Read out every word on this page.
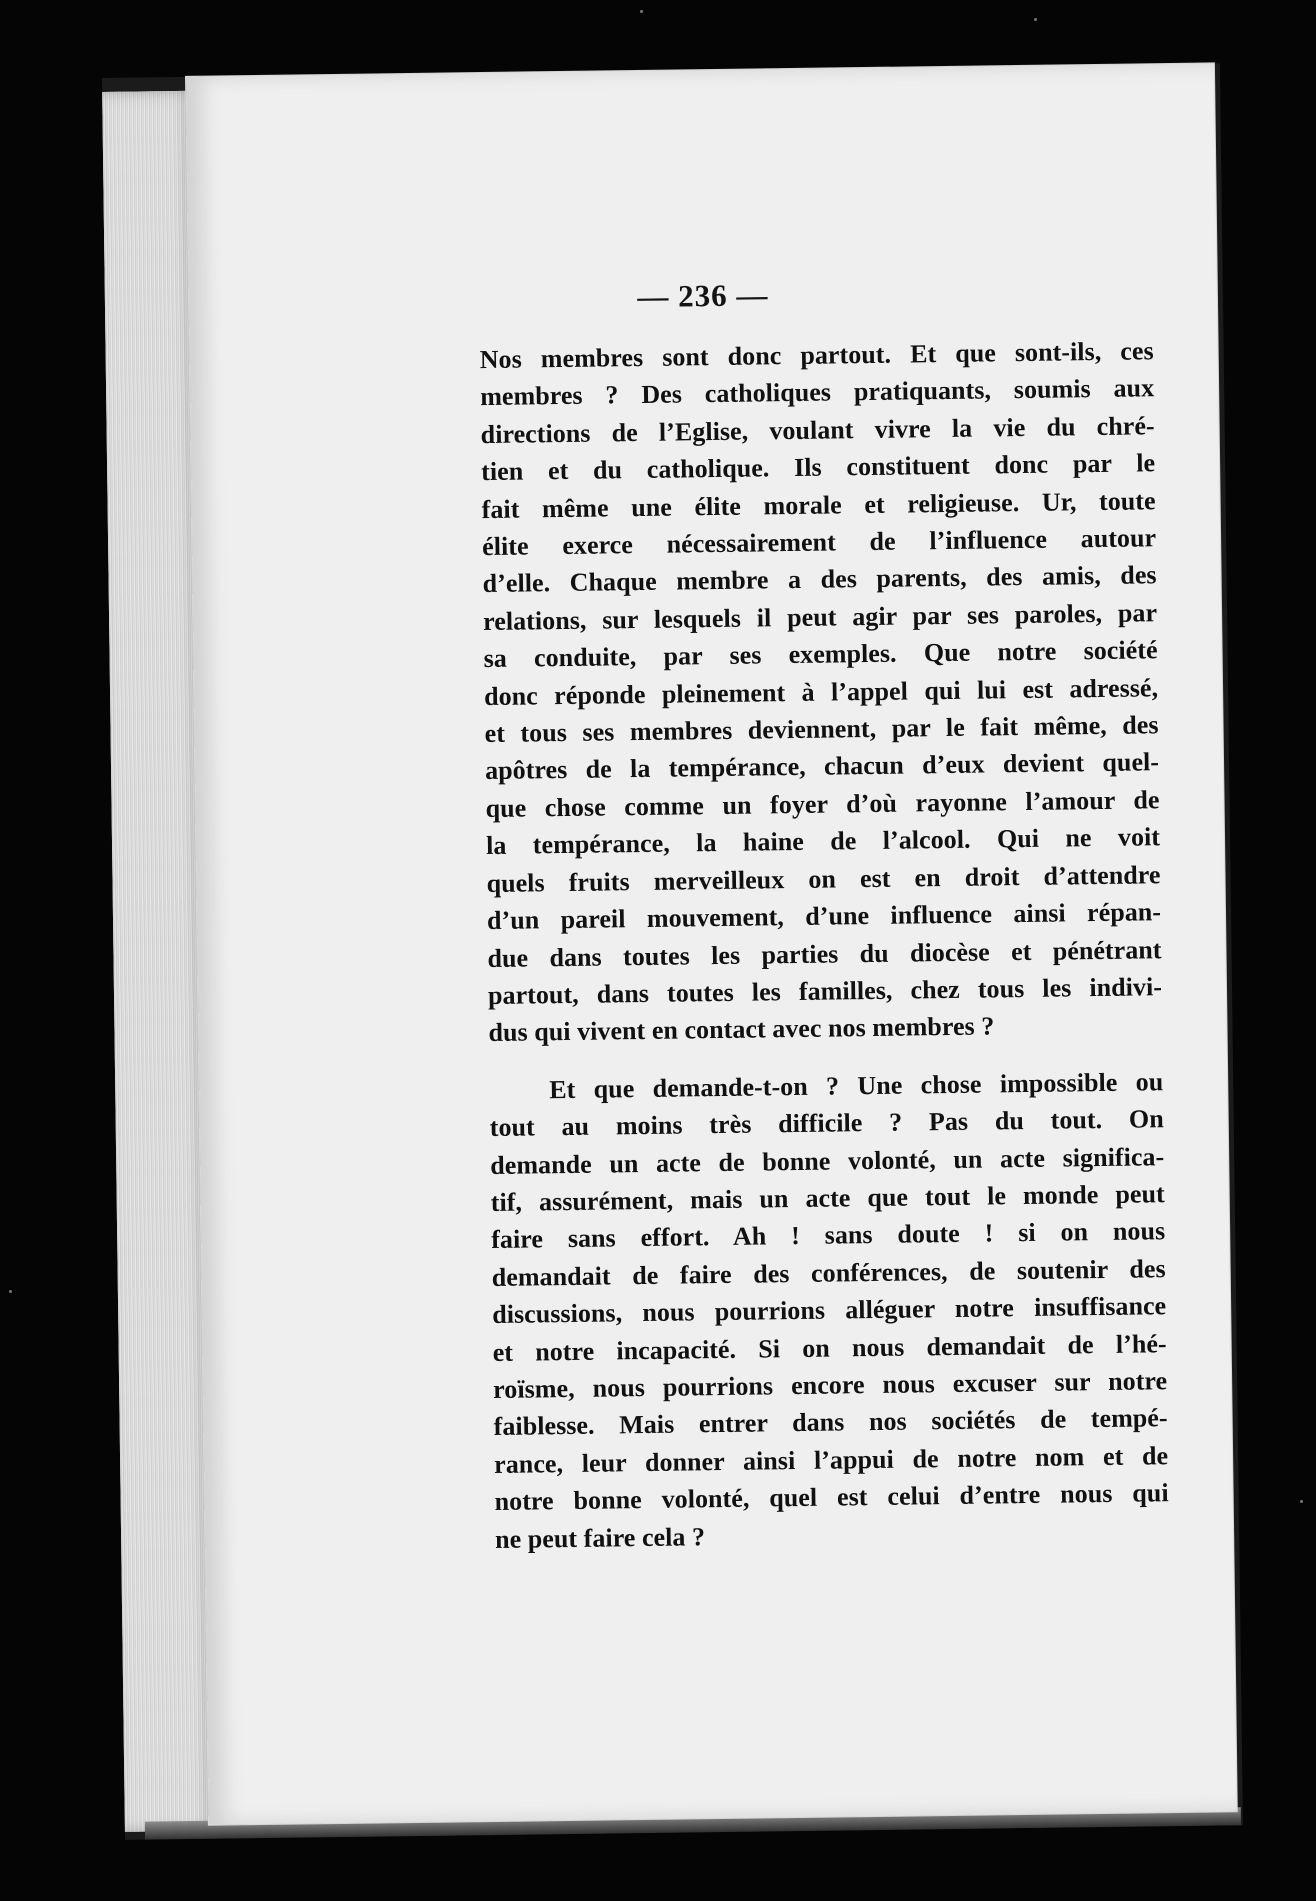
— 236 —
Nos membres sont donc partout. Et que sont-ils, ces
membres ? Des catholiques pratiquants, soumis aux
directions de l’Eglise, voulant vivre la vie du chré-
tien et du catholique. Ils constituent donc par le
fait même une élite morale et religieuse. Ur, toute
élite exerce nécessairement de l’influence autour
d’elle. Chaque membre a des parents, des amis, des
relations, sur lesquels il peut agir par ses paroles, par
sa conduite, par ses exemples. Que notre société
donc réponde pleinement à l’appel qui lui est adressé,
et tous ses membres deviennent, par le fait même, des
apôtres de la tempérance, chacun d’eux devient quel-
que chose comme un foyer d’où rayonne l’amour de
la tempérance, la haine de l’alcool. Qui ne voit
quels fruits merveilleux on est en droit d’attendre
d’un pareil mouvement, d’une influence ainsi répan-
due dans toutes les parties du diocèse et pénétrant
partout, dans toutes les familles, chez tous les indivi-
dus qui vivent en contact avec nos membres ?
Et que demande-t-on ? Une chose impossible ou
tout au moins très difficile ? Pas du tout. On
demande un acte de bonne volonté, un acte significa-
tif, assurément, mais un acte que tout le monde peut
faire sans effort. Ah ! sans doute ! si on nous
demandait de faire des conférences, de soutenir des
discussions, nous pourrions alléguer notre insuffisance
et notre incapacité. Si on nous demandait de l’hé-
roïsme, nous pourrions encore nous excuser sur notre
faiblesse. Mais entrer dans nos sociétés de tempé-
rance, leur donner ainsi l’appui de notre nom et de
notre bonne volonté, quel est celui d’entre nous qui
ne peut faire cela ?
